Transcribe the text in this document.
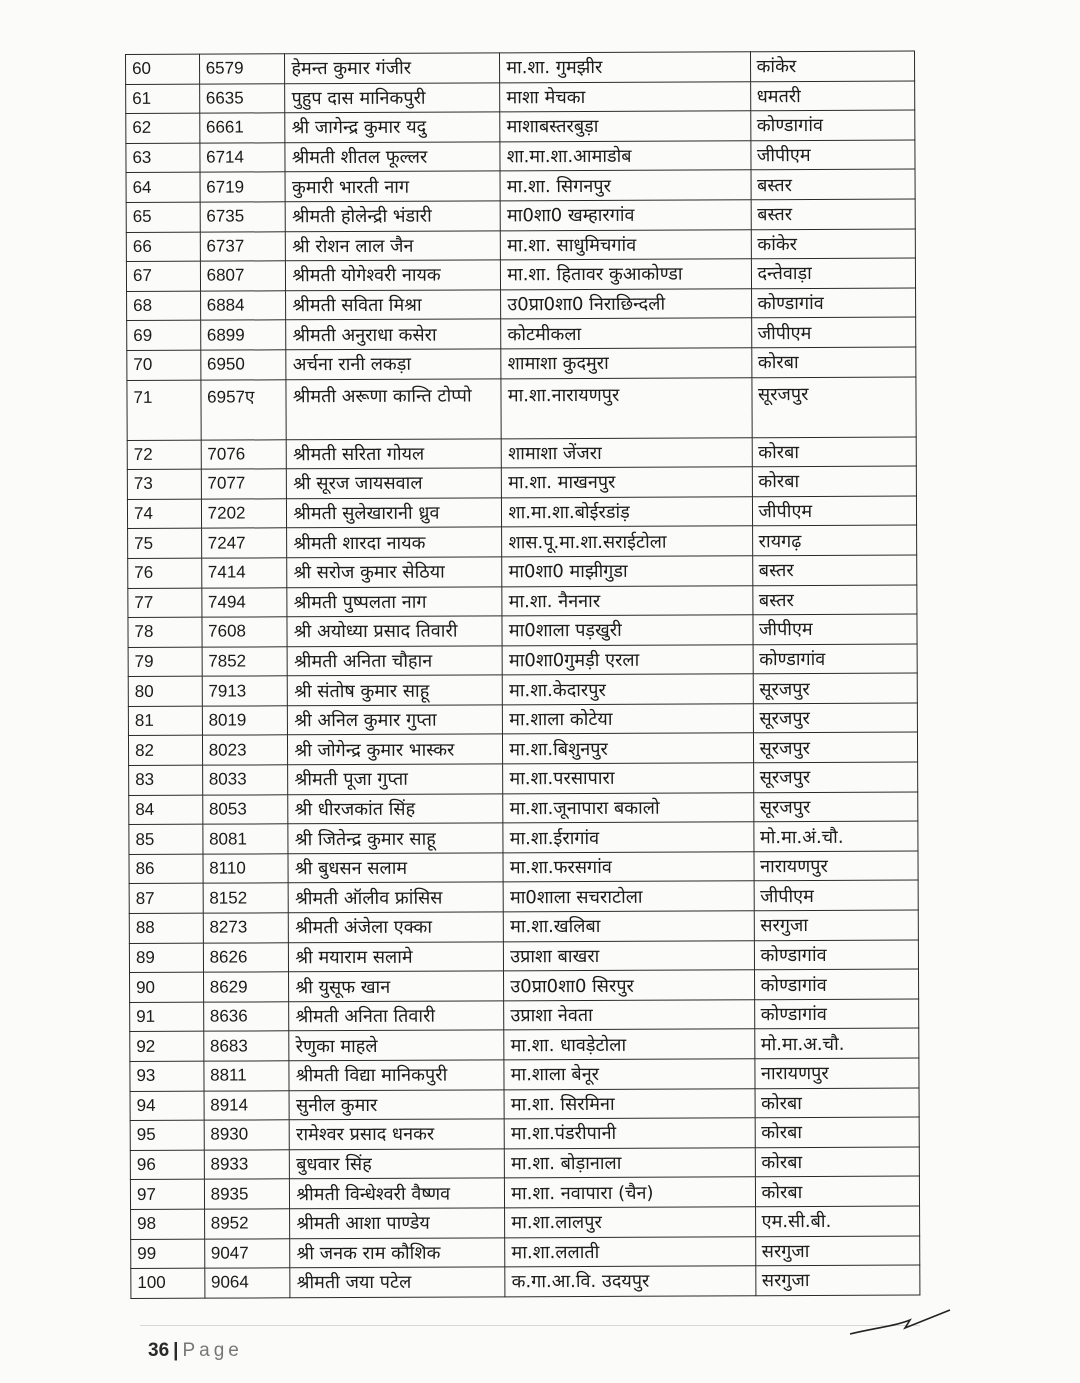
60	6579	हेमन्त कुमार गंजीर	मा.शा. गुमझीर	कांकेर
61	6635	पुहुप दास मानिकपुरी	माशा मेचका	धमतरी
62	6661	श्री जागेन्द्र कुमार यदु	माशाबस्तरबुड़ा	कोण्डागांव
63	6714	श्रीमती शीतल फूल्लर	शा.मा.शा.आमाडोब	जीपीएम
64	6719	कुमारी भारती नाग	मा.शा. सिगनपुर	बस्तर
65	6735	श्रीमती होलेन्द्री भंडारी	मा0शा0 खम्हारगांव	बस्तर
66	6737	श्री रोशन लाल जैन	मा.शा. साधुमिचगांव	कांकेर
67	6807	श्रीमती योगेश्वरी नायक	मा.शा. हितावर कुआकोण्डा	दन्तेवाड़ा
68	6884	श्रीमती सविता मिश्रा	उ0प्रा0शा0 निराछिन्दली	कोण्डागांव
69	6899	श्रीमती अनुराधा कसेरा	कोटमीकला	जीपीएम
70	6950	अर्चना रानी लकड़ा	शामाशा कुदमुरा	कोरबा
71	6957ए	श्रीमती अरूणा कान्ति टोप्पो	मा.शा.नारायणपुर	सूरजपुर
72	7076	श्रीमती सरिता गोयल	शामाशा जेंजरा	कोरबा
73	7077	श्री सूरज जायसवाल	मा.शा. माखनपुर	कोरबा
74	7202	श्रीमती सुलेखारानी ध्रुव	शा.मा.शा.बोईरडांड़	जीपीएम
75	7247	श्रीमती शारदा नायक	शास.पू.मा.शा.सराईटोला	रायगढ़
76	7414	श्री सरोज कुमार सेठिया	मा0शा0 माझीगुडा	बस्तर
77	7494	श्रीमती पुष्पलता नाग	मा.शा. नैननार	बस्तर
78	7608	श्री अयोध्या प्रसाद तिवारी	मा0शाला पड़खुरी	जीपीएम
79	7852	श्रीमती अनिता चौहान	मा0शा0गुमड़ी एरला	कोण्डागांव
80	7913	श्री संतोष कुमार साहू	मा.शा.केदारपुर	सूरजपुर
81	8019	श्री अनिल कुमार गुप्ता	मा.शाला कोटेया	सूरजपुर
82	8023	श्री जोगेन्द्र कुमार भास्कर	मा.शा.बिशुनपुर	सूरजपुर
83	8033	श्रीमती पूजा गुप्ता	मा.शा.परसापारा	सूरजपुर
84	8053	श्री धीरजकांत सिंह	मा.शा.जूनापारा बकालो	सूरजपुर
85	8081	श्री जितेन्द्र कुमार साहू	मा.शा.ईरागांव	मो.मा.अं.चौ.
86	8110	श्री बुधसन सलाम	मा.शा.फरसगांव	नारायणपुर
87	8152	श्रीमती ऑलीव फ्रांसिस	मा0शाला सचराटोला	जीपीएम
88	8273	श्रीमती अंजेला एक्का	मा.शा.खलिबा	सरगुजा
89	8626	श्री मयाराम सलामे	उप्राशा बाखरा	कोण्डागांव
90	8629	श्री युसूफ खान	उ0प्रा0शा0 सिरपुर	कोण्डागांव
91	8636	श्रीमती अनिता तिवारी	उप्राशा नेवता	कोण्डागांव
92	8683	रेणुका माहले	मा.शा. धावड़ेटोला	मो.मा.अ.चौ.
93	8811	श्रीमती विद्या मानिकपुरी	मा.शाला बेनूर	नारायणपुर
94	8914	सुनील कुमार	मा.शा. सिरमिना	कोरबा
95	8930	रामेश्वर प्रसाद धनकर	मा.शा.पंडरीपानी	कोरबा
96	8933	बुधवार सिंह	मा.शा. बोड़ानाला	कोरबा
97	8935	श्रीमती विन्धेश्वरी वैष्णव	मा.शा. नवापारा (चैन)	कोरबा
98	8952	श्रीमती आशा पाण्डेय	मा.शा.लालपुर	एम.सी.बी.
99	9047	श्री जनक राम कौशिक	मा.शा.ललाती	सरगुजा
100	9064	श्रीमती जया पटेल	क.गा.आ.वि. उदयपुर	सरगुजा
36 | Page
